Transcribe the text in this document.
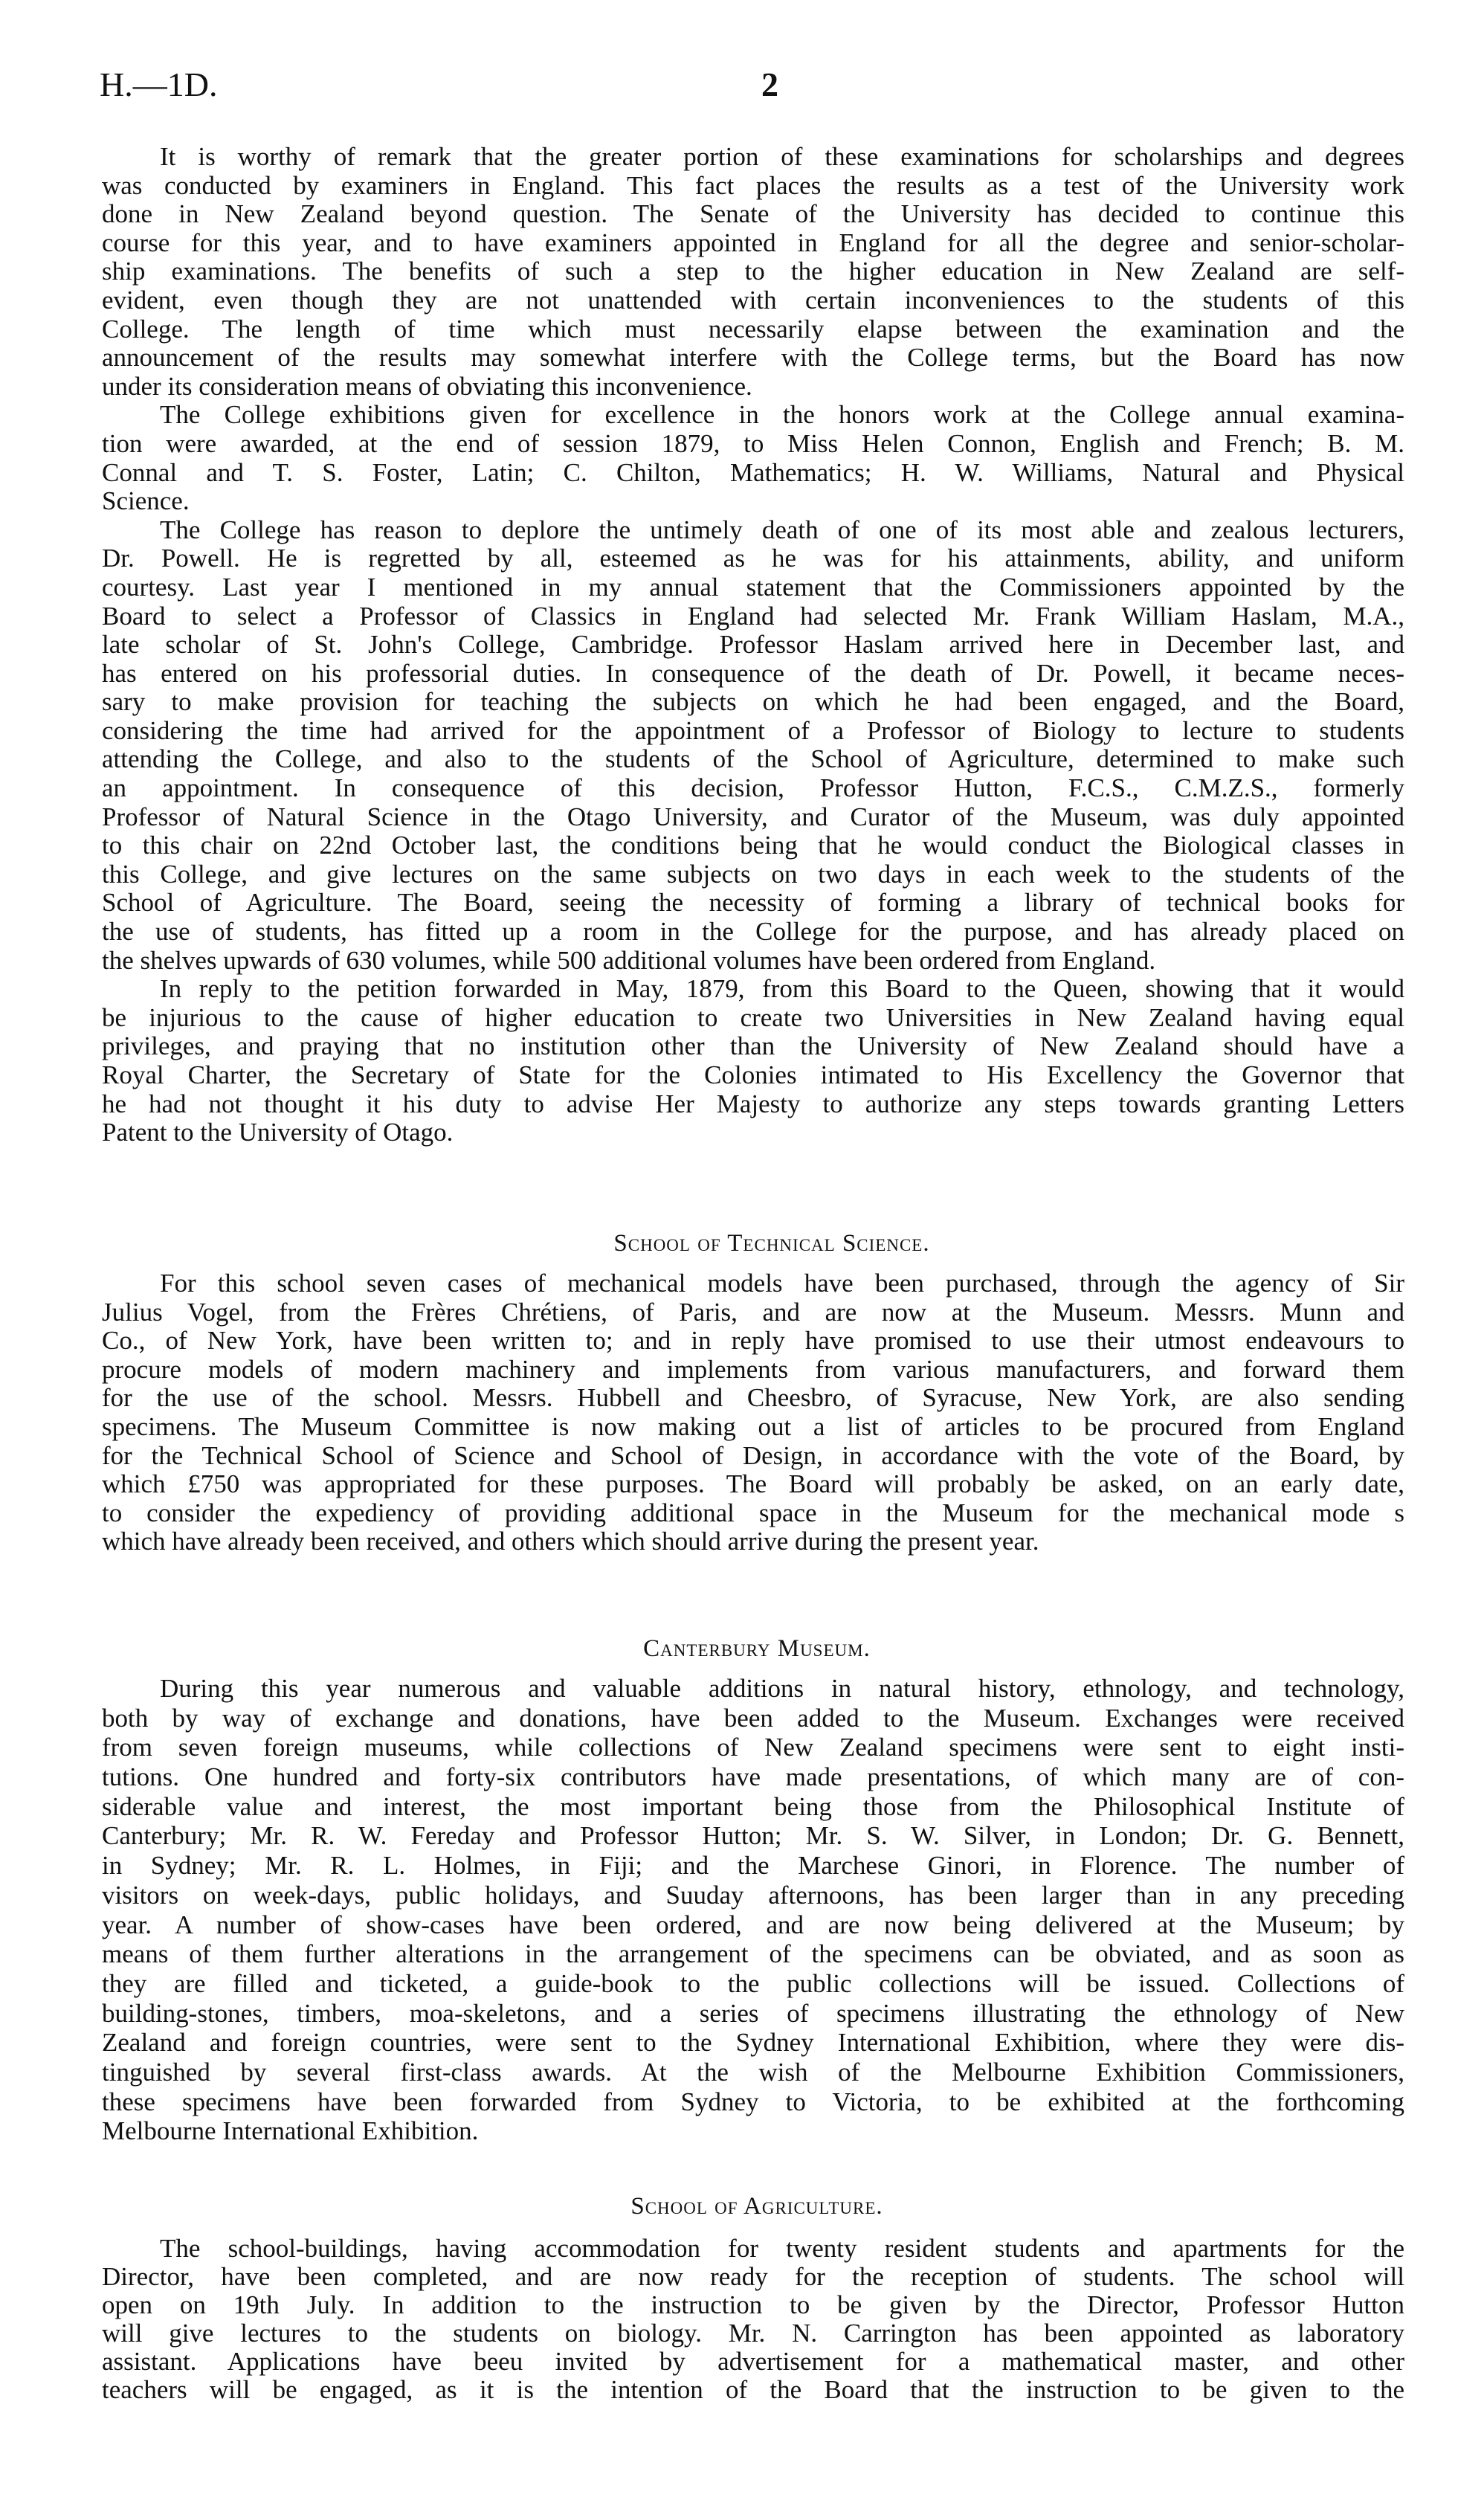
H.—1D.	2
It is worthy of remark that the greater portion of these examinations for scholarships and degrees
was conducted by examiners in England. This fact places the results as a test of the University work
done in New Zealand beyond question. The Senate of the University has decided to continue this
course for this year, and to have examiners appointed in England for all the degree and senior-scholar-
ship examinations. The benefits of such a step to the higher education in New Zealand are self-
evident, even though they are not unattended with certain inconveniences to the students of this
College. The length of time which must necessarily elapse between the examination and the
announcement of the results may somewhat interfere with the College terms, but the Board has now
under its consideration means of obviating this inconvenience.
The College exhibitions given for excellence in the honors work at the College annual examina-
tion were awarded, at the end of session 1879, to Miss Helen Connon, English and French; B. M.
Connal and T. S. Foster, Latin; C. Chilton, Mathematics; H. W. Williams, Natural and Physical
Science.
The College has reason to deplore the untimely death of one of its most able and zealous lecturers,
Dr. Powell. He is regretted by all, esteemed as he was for his attainments, ability, and uniform
courtesy. Last year I mentioned in my annual statement that the Commissioners appointed by the
Board to select a Professor of Classics in England had selected Mr. Frank William Haslam, M.A.,
late scholar of St. John's College, Cambridge. Professor Haslam arrived here in December last, and
has entered on his professorial duties. In consequence of the death of Dr. Powell, it became neces-
sary to make provision for teaching the subjects on which he had been engaged, and the Board,
considering the time had arrived for the appointment of a Professor of Biology to lecture to students
attending the College, and also to the students of the School of Agriculture, determined to make such
an appointment. In consequence of this decision, Professor Hutton, F.C.S., C.M.Z.S., formerly
Professor of Natural Science in the Otago University, and Curator of the Museum, was duly appointed
to this chair on 22nd October last, the conditions being that he would conduct the Biological classes in
this College, and give lectures on the same subjects on two days in each week to the students of the
School of Agriculture. The Board, seeing the necessity of forming a library of technical books for
the use of students, has fitted up a room in the College for the purpose, and has already placed on
the shelves upwards of 630 volumes, while 500 additional volumes have been ordered from England.
In reply to the petition forwarded in May, 1879, from this Board to the Queen, showing that it would
be injurious to the cause of higher education to create two Universities in New Zealand having equal
privileges, and praying that no institution other than the University of New Zealand should have a
Royal Charter, the Secretary of State for the Colonies intimated to His Excellency the Governor that
he had not thought it his duty to advise Her Majesty to authorize any steps towards granting Letters
Patent to the University of Otago.
School of Technical Science.
For this school seven cases of mechanical models have been purchased, through the agency of Sir
Julius Vogel, from the Frères Chrétiens, of Paris, and are now at the Museum. Messrs. Munn and
Co., of New York, have been written to; and in reply have promised to use their utmost endeavours to
procure models of modern machinery and implements from various manufacturers, and forward them
for the use of the school. Messrs. Hubbell and Cheesbro, of Syracuse, New York, are also sending
specimens. The Museum Committee is now making out a list of articles to be procured from England
for the Technical School of Science and School of Design, in accordance with the vote of the Board, by
which £750 was appropriated for these purposes. The Board will probably be asked, on an early date,
to consider the expediency of providing additional space in the Museum for the mechanical mode s
which have already been received, and others which should arrive during the present year.
Canterbury Museum.
During this year numerous and valuable additions in natural history, ethnology, and technology,
both by way of exchange and donations, have been added to the Museum. Exchanges were received
from seven foreign museums, while collections of New Zealand specimens were sent to eight insti-
tutions. One hundred and forty-six contributors have made presentations, of which many are of con-
siderable value and interest, the most important being those from the Philosophical Institute of
Canterbury; Mr. R. W. Fereday and Professor Hutton; Mr. S. W. Silver, in London; Dr. G. Bennett,
in Sydney; Mr. R. L. Holmes, in Fiji; and the Marchese Ginori, in Florence. The number of
visitors on week-days, public holidays, and Suuday afternoons, has been larger than in any preceding
year. A number of show-cases have been ordered, and are now being delivered at the Museum; by
means of them further alterations in the arrangement of the specimens can be obviated, and as soon as
they are filled and ticketed, a guide-book to the public collections will be issued. Collections of
building-stones, timbers, moa-skeletons, and a series of specimens illustrating the ethnology of New
Zealand and foreign countries, were sent to the Sydney International Exhibition, where they were dis-
tinguished by several first-class awards. At the wish of the Melbourne Exhibition Commissioners,
these specimens have been forwarded from Sydney to Victoria, to be exhibited at the forthcoming
Melbourne International Exhibition.
School of Agriculture.
The school-buildings, having accommodation for twenty resident students and apartments for the
Director, have been completed, and are now ready for the reception of students. The school will
open on 19th July. In addition to the instruction to be given by the Director, Professor Hutton
will give lectures to the students on biology. Mr. N. Carrington has been appointed as laboratory
assistant. Applications have beeu invited by advertisement for a mathematical master, and other
teachers will be engaged, as it is the intention of the Board that the instruction to be given to the
